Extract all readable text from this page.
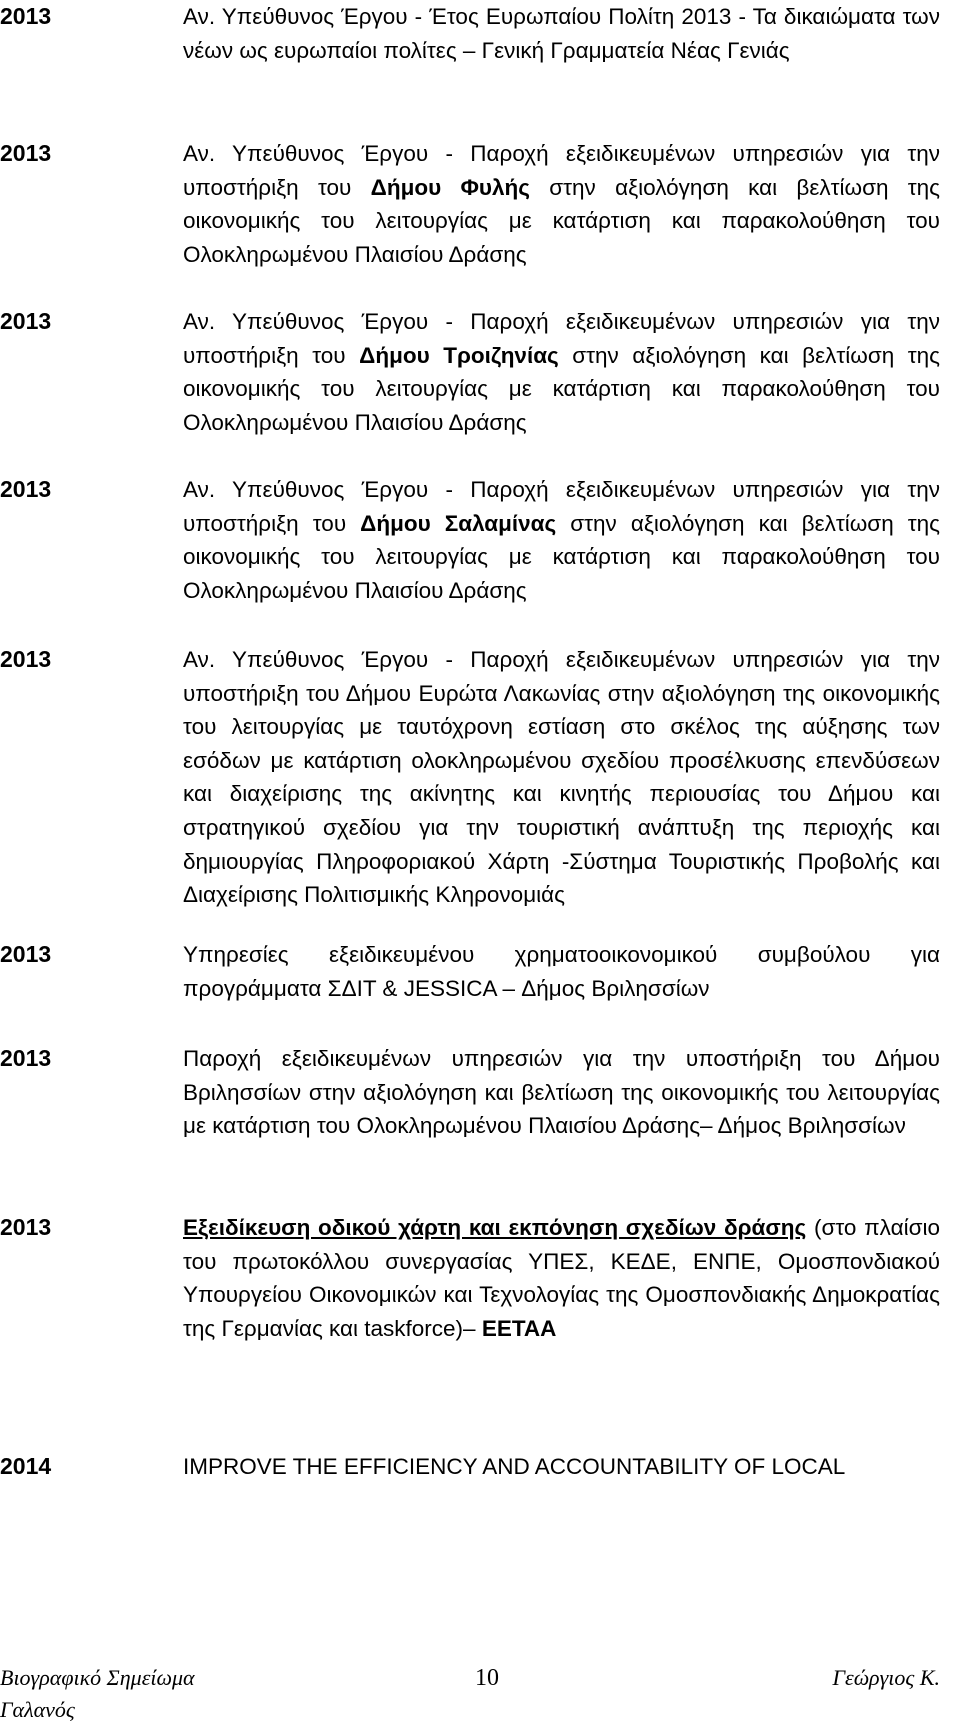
2013	Αν. Υπεύθυνος Έργου - Έτος Ευρωπαίου Πολίτη 2013 - Τα δικαιώματα των νέων ως ευρωπαίοι πολίτες – Γενική Γραμματεία Νέας Γενιάς
2013	Αν. Υπεύθυνος Έργου - Παροχή εξειδικευμένων υπηρεσιών για την υποστήριξη του Δήμου Φυλής στην αξιολόγηση και βελτίωση της οικονομικής του λειτουργίας με κατάρτιση και παρακολούθηση του Ολοκληρωμένου Πλαισίου Δράσης
2013	Αν. Υπεύθυνος Έργου - Παροχή εξειδικευμένων υπηρεσιών για την υποστήριξη του Δήμου Τροιζηνίας στην αξιολόγηση και βελτίωση της οικονομικής του λειτουργίας με κατάρτιση και παρακολούθηση του Ολοκληρωμένου Πλαισίου Δράσης
2013	Αν. Υπεύθυνος Έργου - Παροχή εξειδικευμένων υπηρεσιών για την υποστήριξη του Δήμου Σαλαμίνας στην αξιολόγηση και βελτίωση της οικονομικής του λειτουργίας με κατάρτιση και παρακολούθηση του Ολοκληρωμένου Πλαισίου Δράσης
2013	Αν. Υπεύθυνος Έργου - Παροχή εξειδικευμένων υπηρεσιών για την υποστήριξη του Δήμου Ευρώτα Λακωνίας στην αξιολόγηση της οικονομικής του λειτουργίας με ταυτόχρονη εστίαση στο σκέλος της αύξησης των εσόδων με κατάρτιση ολοκληρωμένου σχεδίου προσέλκυσης επενδύσεων και διαχείρισης της ακίνητης και κινητής περιουσίας του Δήμου και στρατηγικού σχεδίου για την τουριστική ανάπτυξη της περιοχής και δημιουργίας Πληροφοριακού Χάρτη -Σύστημα Τουριστικής Προβολής και Διαχείρισης Πολιτισμικής Κληρονομιάς
2013	Υπηρεσίες εξειδικευμένου χρηματοοικονομικού συμβούλου για προγράμματα ΣΔΙΤ & JESSICA – Δήμος Βριλησσίων
2013	Παροχή εξειδικευμένων υπηρεσιών για την υποστήριξη του Δήμου Βριλησσίων στην αξιολόγηση και βελτίωση της οικονομικής του λειτουργίας με κατάρτιση του Ολοκληρωμένου Πλαισίου Δράσης– Δήμος Βριλησσίων
2013	Εξειδίκευση οδικού χάρτη και εκπόνηση σχεδίων δράσης (στο πλαίσιο του πρωτοκόλλου συνεργασίας ΥΠΕΣ, ΚΕΔΕ, ΕΝΠΕ, Ομοσπονδιακού Υπουργείου Οικονομικών και Τεχνολογίας της Ομοσπονδιακής Δημοκρατίας της Γερμανίας και taskforce)– ΕΕΤΑΑ
2014	IMPROVE THE EFFICIENCY AND ACCOUNTABILITY OF LOCAL
Βιογραφικό Σημείωμα
Γαλανός
10	Γεώργιος Κ.
